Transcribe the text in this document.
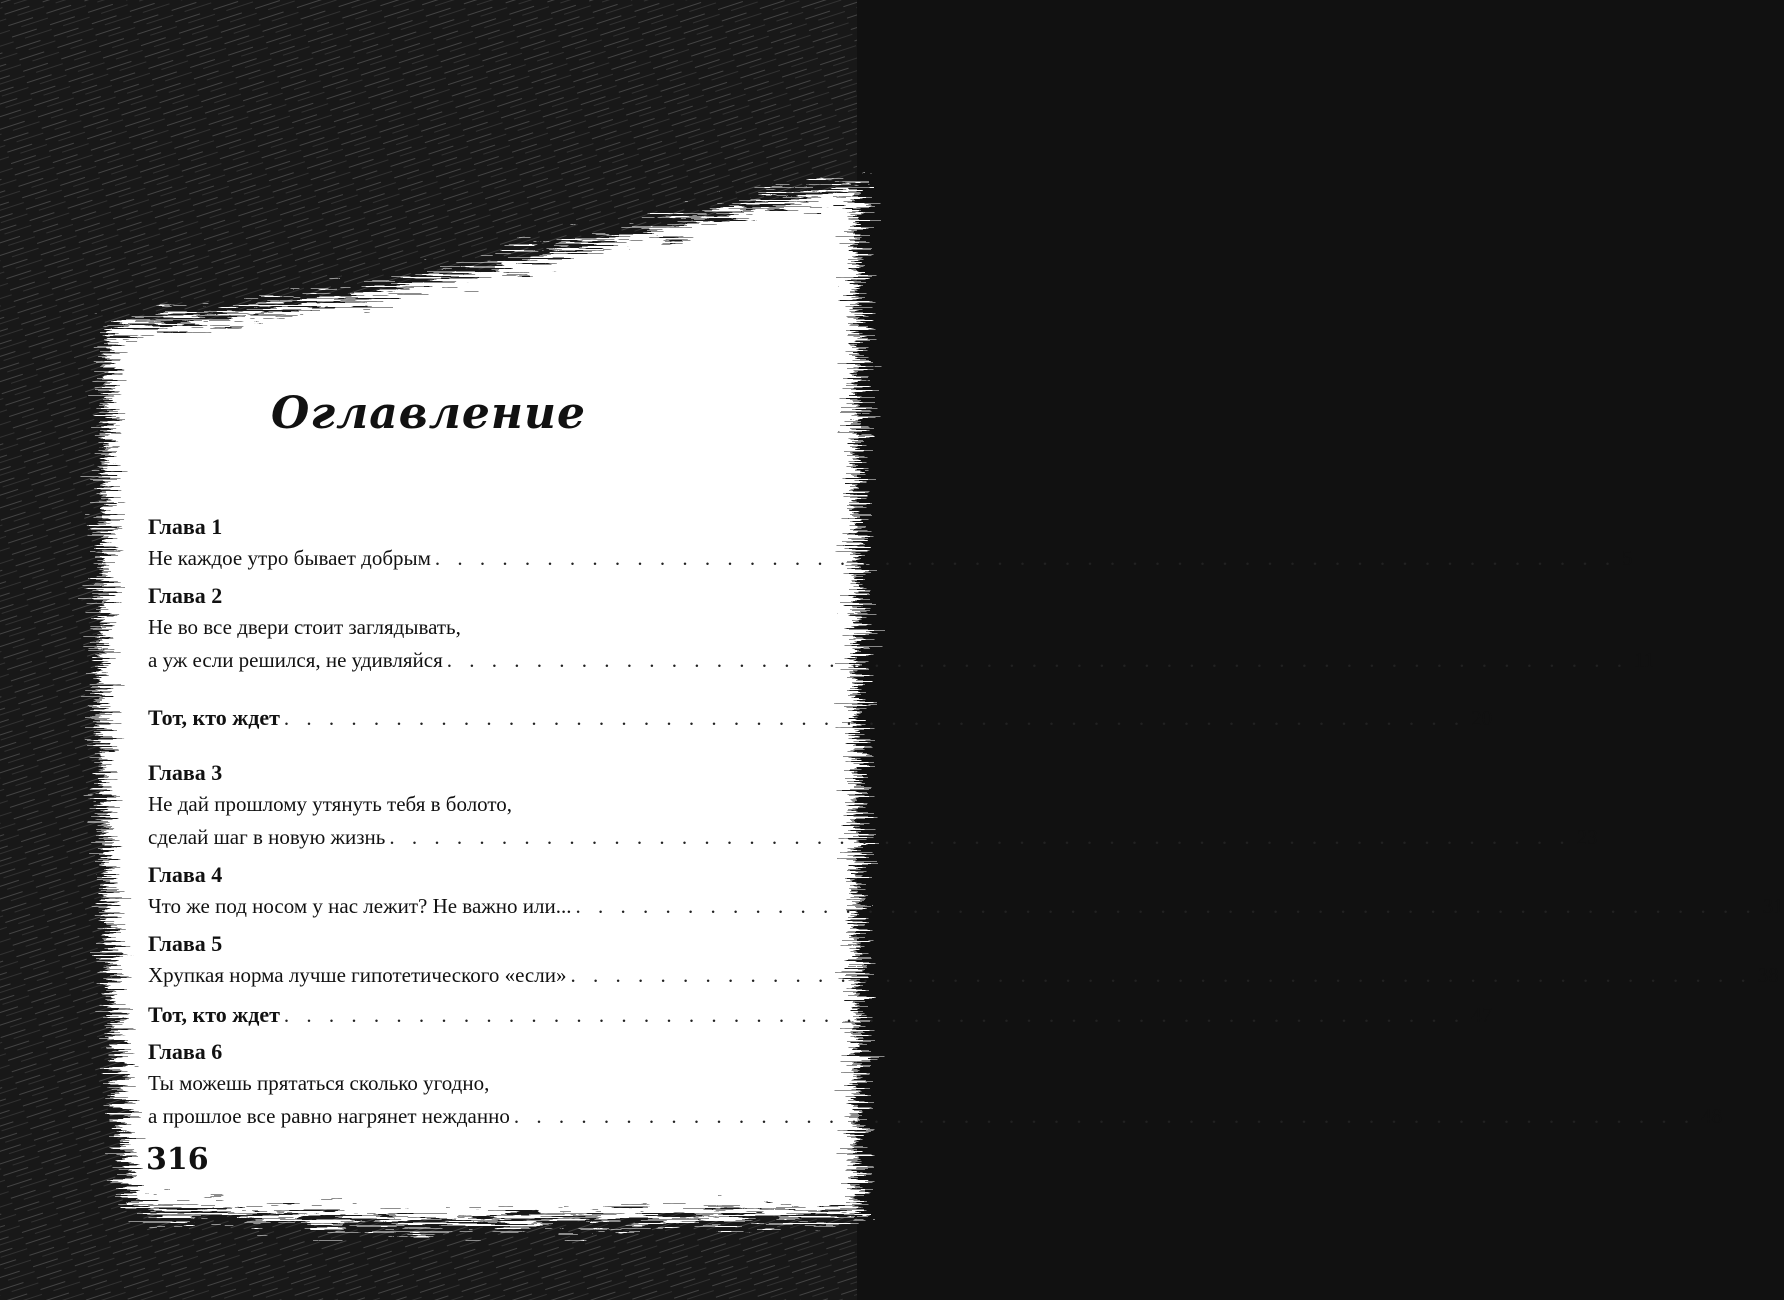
Оглавление
Глава 1
Не каждое утро бывает добрым . . . . . . . . . . . . . . . . . . . . . . . . . . . . . . . . . . . . . . . . . . . . . . . . . . . . . 5
Глава 2
Не во все двери стоит заглядывать,
а уж если решился, не удивляйся . . . . . . . . . . . . . . . . . . . . . . . . . . . . . . . . . . . . . . . . . . . . . . . . . . . . . 11
Тот, кто ждет . . . . . . . . . . . . . . . . . . . . . . . . . . . . . . . . . . . . . . . . . . . . . . . . . . . . . 20
Глава 3
Не дай прошлому утянуть тебя в болото,
сделай шаг в новую жизнь . . . . . . . . . . . . . . . . . . . . . . . . . . . . . . . . . . . . . . . . . . . . . . . . . . . . . 23
Глава 4
Что же под носом у нас лежит? Не важно или... . . . . . . . . . . . . . . . . . . . . . . . . . . . . . . . . . . . . . . . . . . . . . . . . . . . . . 31
Глава 5
Хрупкая норма лучше гипотетического «если» . . . . . . . . . . . . . . . . . . . . . . . . . . . . . . . . . . . . . . . . . . . . . . . . . . . . . 38
Тот, кто ждет . . . . . . . . . . . . . . . . . . . . . . . . . . . . . . . . . . . . . . . . . . . . . . . . . . . . . 47
Глава 6
Ты можешь прятаться сколько угодно,
а прошлое все равно нагрянет нежданно . . . . . . . . . . . . . . . . . . . . . . . . . . . . . . . . . . . . . . . . . . . . . . . . . . . . . 48
316
